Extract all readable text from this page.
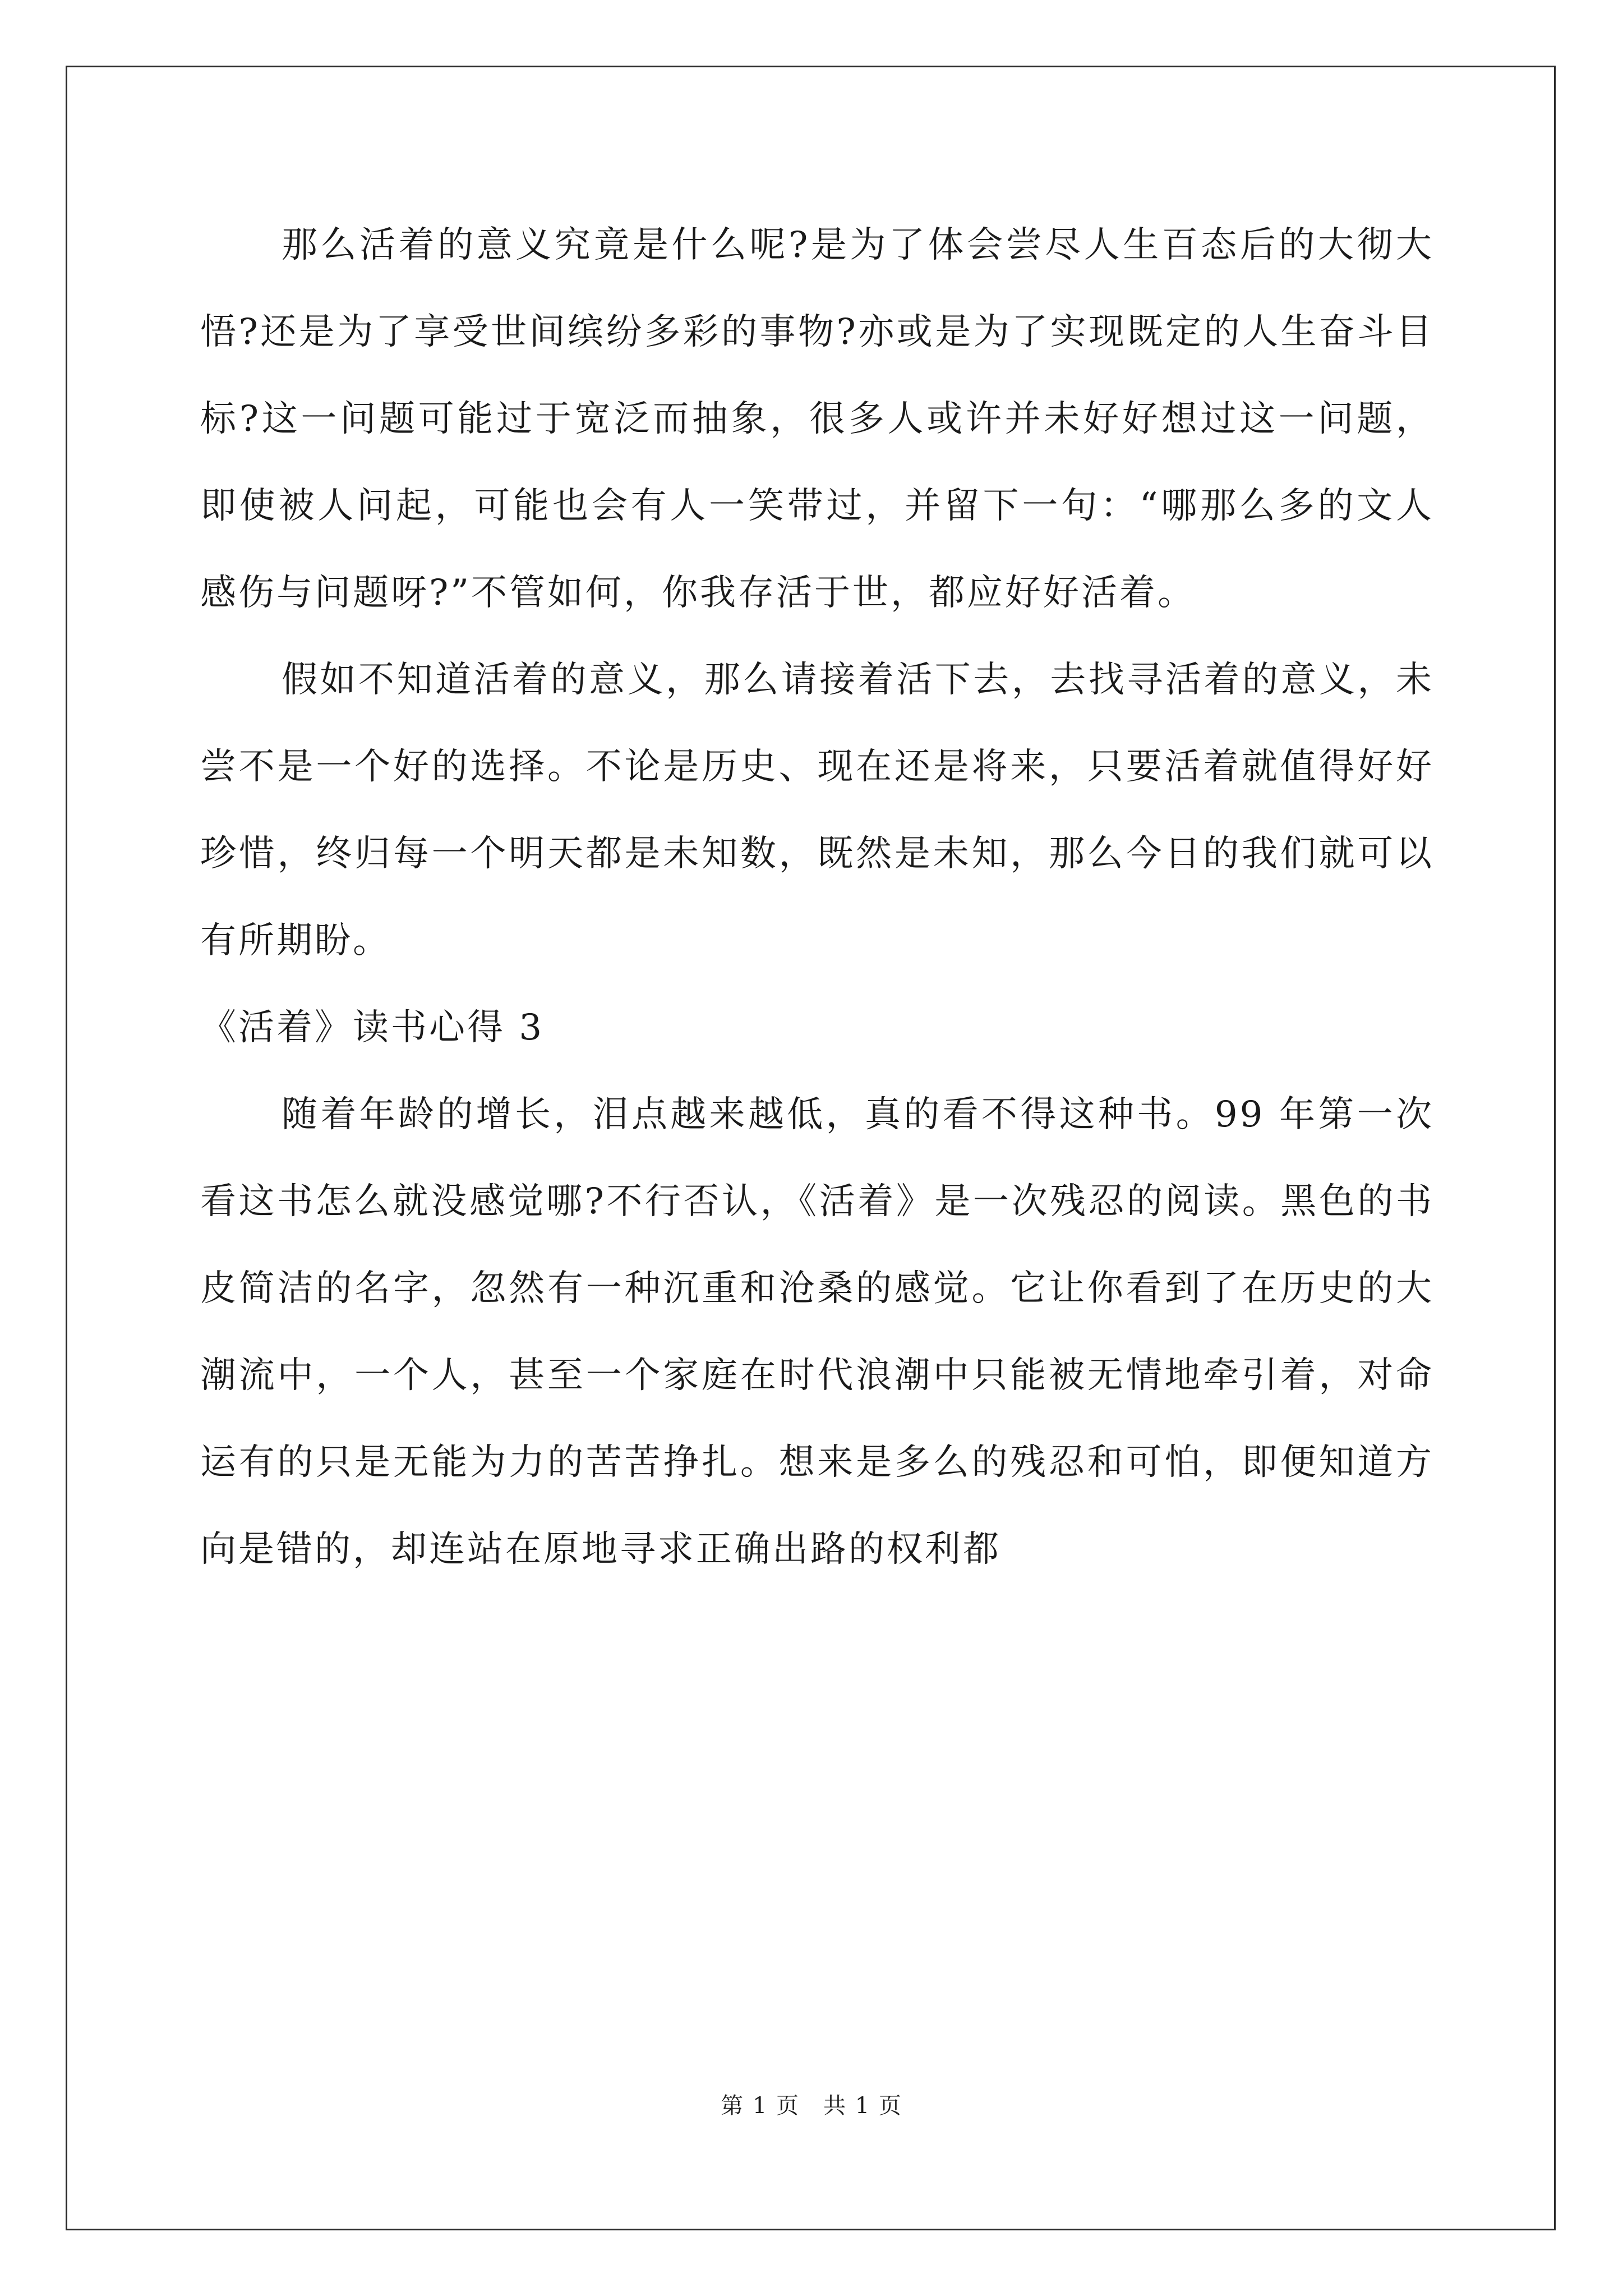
那么活着的意义究竟是什么呢?是为了体会尝尽人生百态后的大彻大悟?还是为了享受世间缤纷多彩的事物?亦或是为了实现既定的人生奋斗目标?这一问题可能过于宽泛而抽象，很多人或许并未好好想过这一问题，即使被人问起，可能也会有人一笑带过，并留下一句：“哪那么多的文人感伤与问题呀?”不管如何，你我存活于世，都应好好活着。

假如不知道活着的意义，那么请接着活下去，去找寻活着的意义，未尝不是一个好的选择。不论是历史、现在还是将来，只要活着就值得好好珍惜，终归每一个明天都是未知数，既然是未知，那么今日的我们就可以有所期盼。

《活着》读书心得 3

随着年龄的增长，泪点越来越低，真的看不得这种书。99 年第一次看这书怎么就没感觉哪?不行否认，《活着》是一次残忍的阅读。黑色的书皮简洁的名字，忽然有一种沉重和沧桑的感觉。它让你看到了在历史的大潮流中，一个人，甚至一个家庭在时代浪潮中只能被无情地牵引着，对命运有的只是无能为力的苦苦挣扎。想来是多么的残忍和可怕，即便知道方向是错的，却连站在原地寻求正确出路的权利都

第 1 页　共 1 页
